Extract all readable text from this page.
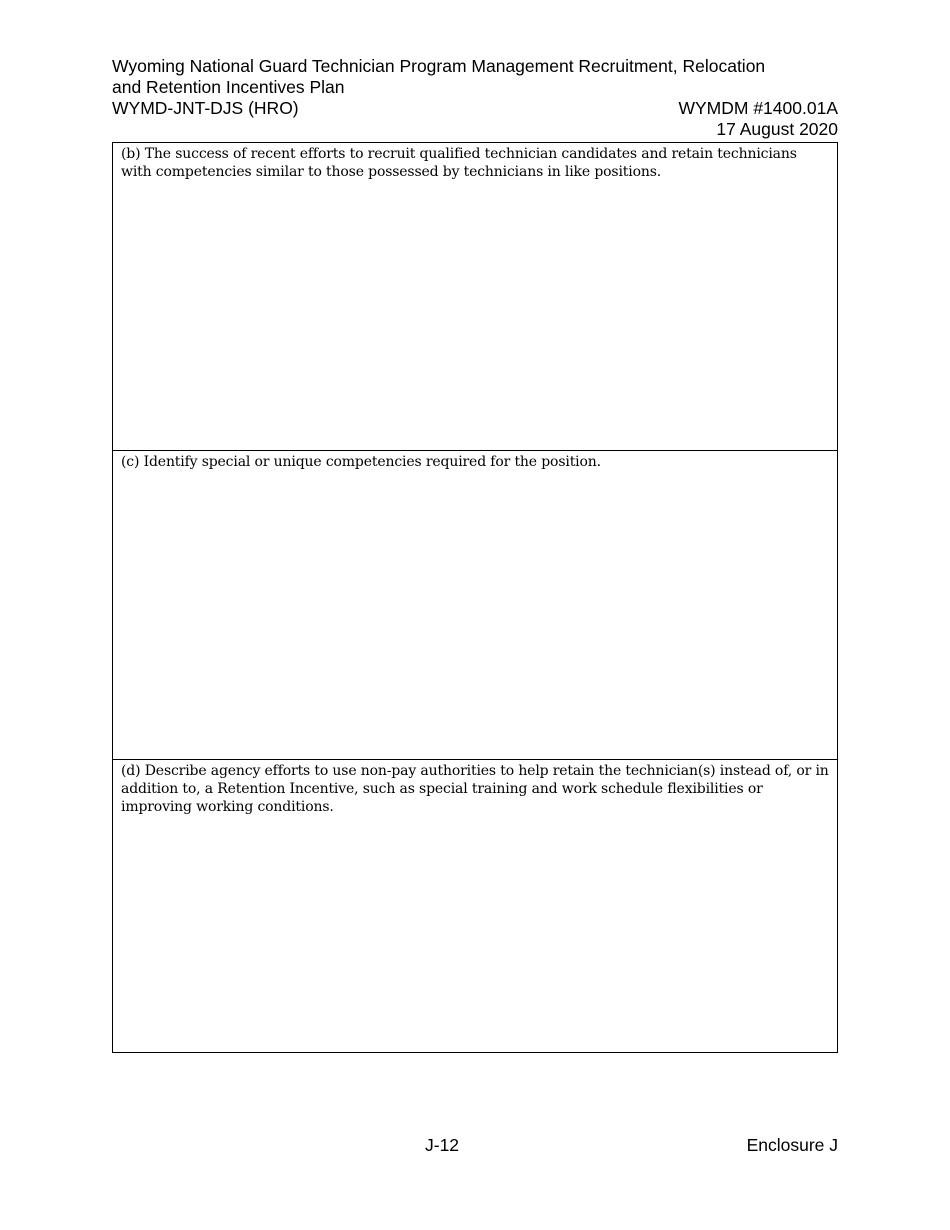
Wyoming National Guard Technician Program Management Recruitment, Relocation
and Retention Incentives Plan
WYMD-JNT-DJS (HRO)	WYMDM #1400.01A
17 August 2020
(b) The success of recent efforts to recruit qualified technician candidates and retain technicians with competencies similar to those possessed by technicians in like positions.

(c) Identify special or unique competencies required for the position.

(d) Describe agency efforts to use non-pay authorities to help retain the technician(s) instead of, or in addition to, a Retention Incentive, such as special training and work schedule flexibilities or improving working conditions.
J-12	Enclosure J
